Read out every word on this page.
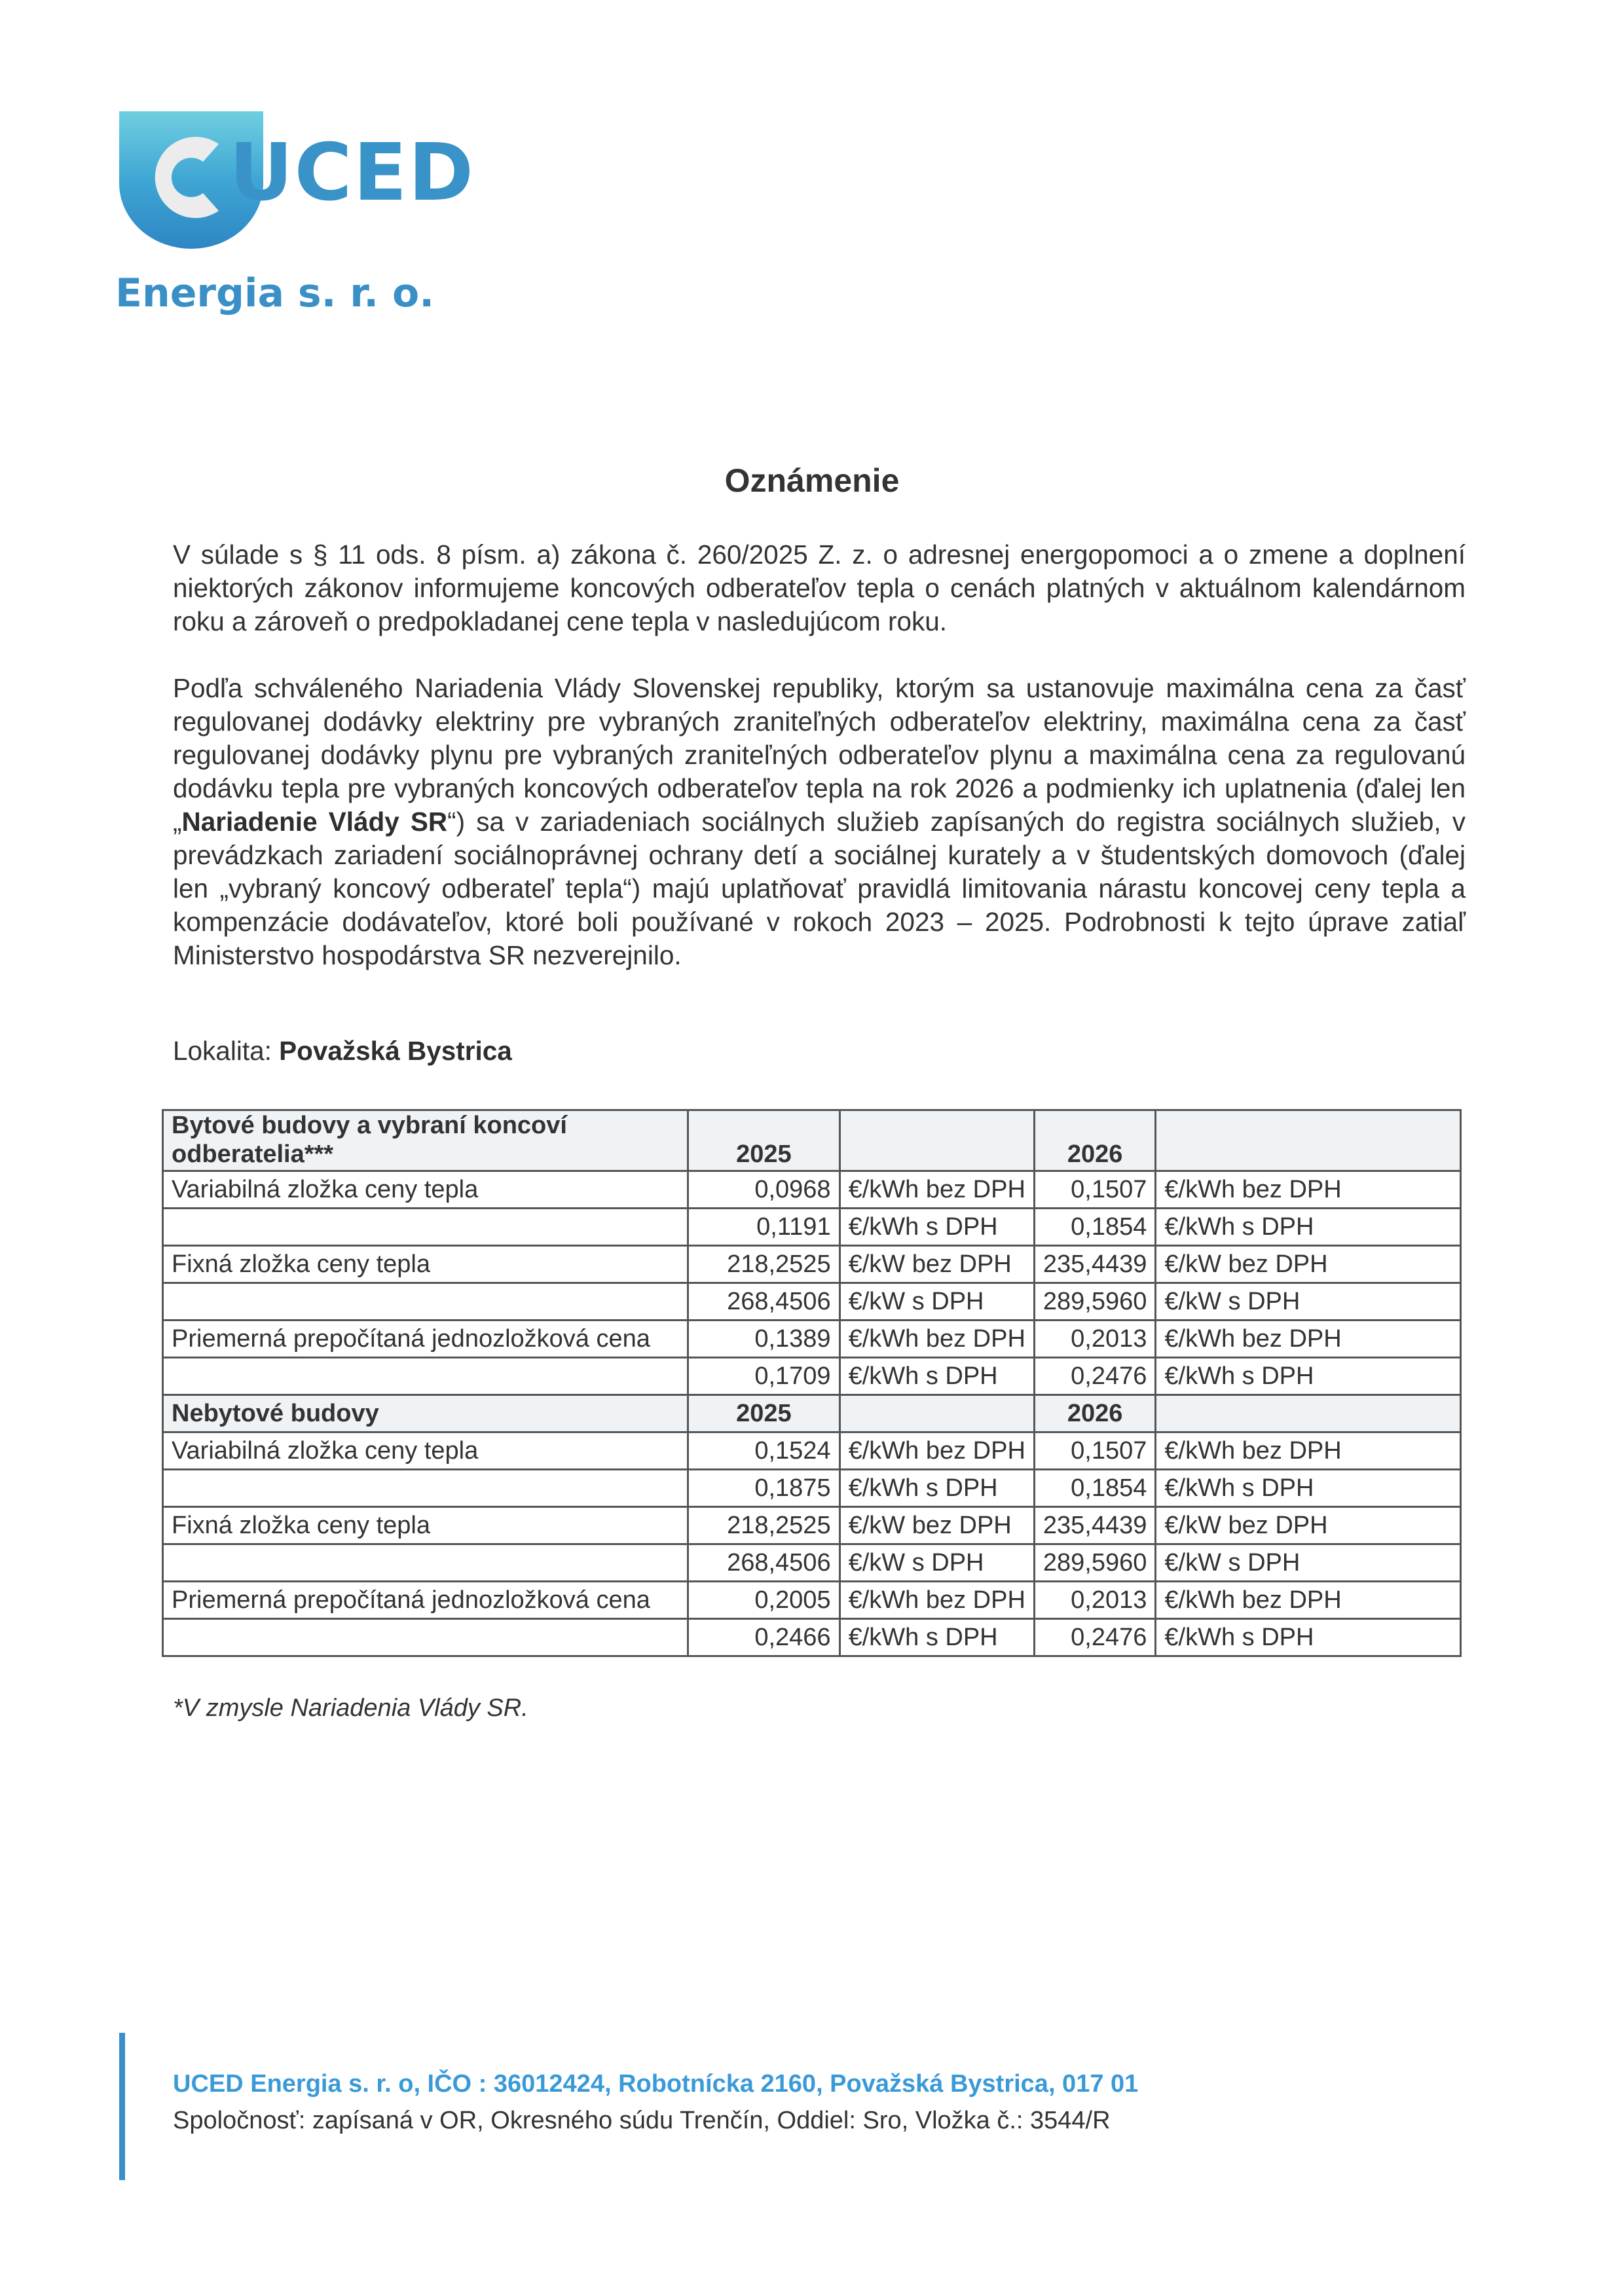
UCED
Energia s. r. o.
Oznámenie
V súlade s § 11 ods. 8 písm. a) zákona č. 260/2025 Z. z. o adresnej energopomoci a o zmene a doplnení niektorých zákonov informujeme koncových odberateľov tepla o cenách platných v aktuálnom kalendárnom roku a zároveň o predpokladanej cene tepla v nasledujúcom roku.
Podľa schváleného Nariadenia Vlády Slovenskej republiky, ktorým sa ustanovuje maximálna cena za časť regulovanej dodávky elektriny pre vybraných zraniteľných odberateľov elektriny, maximálna cena za časť regulovanej dodávky plynu pre vybraných zraniteľných odberateľov plynu a maximálna cena za regulovanú dodávku tepla pre vybraných koncových odberateľov tepla na rok 2026 a podmienky ich uplatnenia (ďalej len „Nariadenie Vlády SR“) sa v zariadeniach sociálnych služieb zapísaných do registra sociálnych služieb, v prevádzkach zariadení sociálnoprávnej ochrany detí a sociálnej kurately a v študentských domovoch (ďalej len „vybraný koncový odberateľ tepla“) majú uplatňovať pravidlá limitovania nárastu koncovej ceny tepla a kompenzácie dodávateľov, ktoré boli používané v rokoch 2023 – 2025. Podrobnosti k tejto úprave zatiaľ Ministerstvo hospodárstva SR nezverejnilo.
Lokalita: Považská Bystrica
Bytové budovy a vybraní koncoví odberatelia***	2025		2026	
Variabilná zložka ceny tepla	0,0968	€/kWh bez DPH	0,1507	€/kWh bez DPH
	0,1191	€/kWh s DPH	0,1854	€/kWh s DPH
Fixná zložka ceny tepla	218,2525	€/kW bez DPH	235,4439	€/kW bez DPH
	268,4506	€/kW s DPH	289,5960	€/kW s DPH
Priemerná prepočítaná jednozložková cena	0,1389	€/kWh bez DPH	0,2013	€/kWh bez DPH
	0,1709	€/kWh s DPH	0,2476	€/kWh s DPH
Nebytové budovy	2025		2026	
Variabilná zložka ceny tepla	0,1524	€/kWh bez DPH	0,1507	€/kWh bez DPH
	0,1875	€/kWh s DPH	0,1854	€/kWh s DPH
Fixná zložka ceny tepla	218,2525	€/kW bez DPH	235,4439	€/kW bez DPH
	268,4506	€/kW s DPH	289,5960	€/kW s DPH
Priemerná prepočítaná jednozložková cena	0,2005	€/kWh bez DPH	0,2013	€/kWh bez DPH
	0,2466	€/kWh s DPH	0,2476	€/kWh s DPH
*V zmysle Nariadenia Vlády SR.
UCED Energia s. r. o, IČO : 36012424, Robotnícka 2160, Považská Bystrica, 017 01
Spoločnosť: zapísaná v OR, Okresného súdu Trenčín, Oddiel: Sro, Vložka č.: 3544/R
